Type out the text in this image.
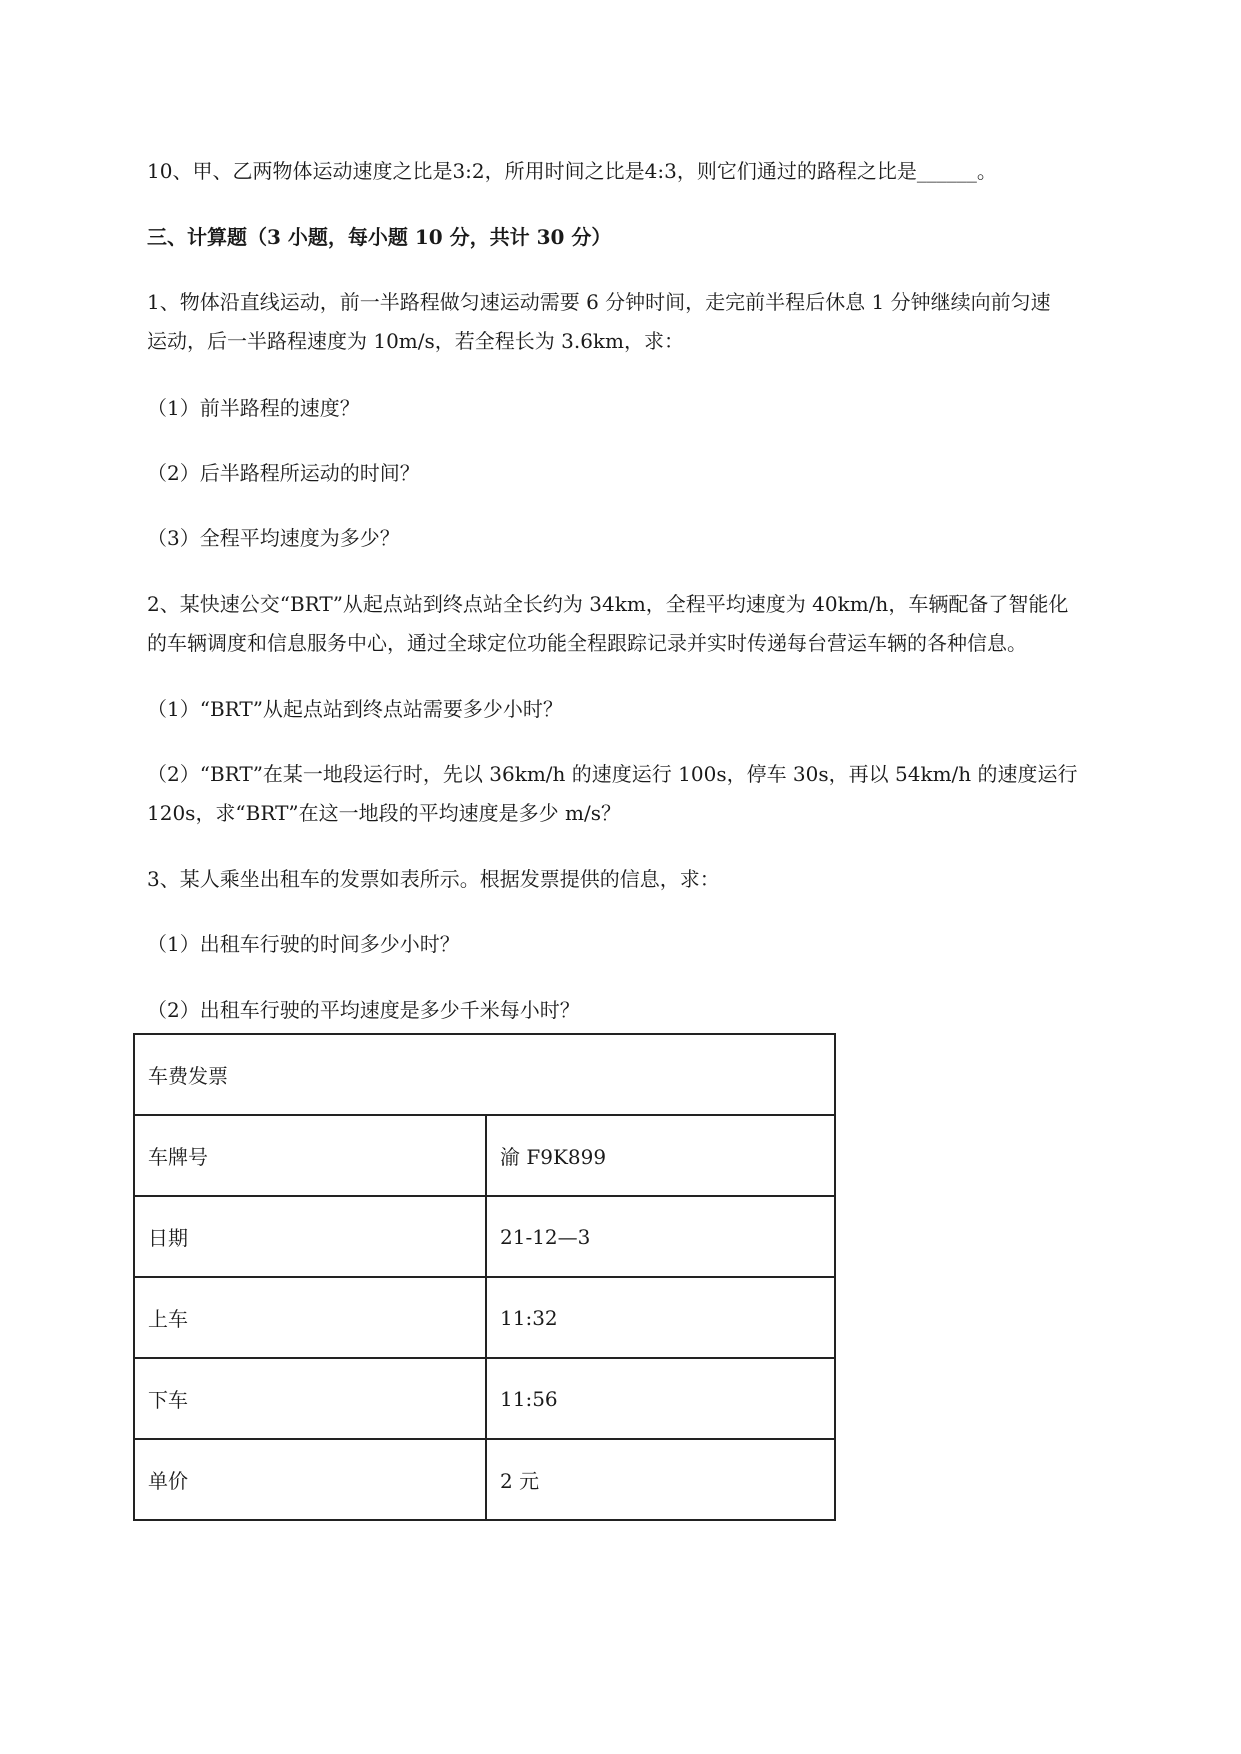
10、甲、乙两物体运动速度之比是3:2，所用时间之比是4:3，则它们通过的路程之比是______。
三、计算题（3 小题，每小题 10 分，共计 30 分）
1、物体沿直线运动，前一半路程做匀速运动需要 6 分钟时间，走完前半程后休息 1 分钟继续向前匀速
运动，后一半路程速度为 10m/s，若全程长为 3.6km，求：
（1）前半路程的速度？
（2）后半路程所运动的时间？
（3）全程平均速度为多少？
2、某快速公交“BRT”从起点站到终点站全长约为 34km，全程平均速度为 40km/h，车辆配备了智能化
的车辆调度和信息服务中心，通过全球定位功能全程跟踪记录并实时传递每台营运车辆的各种信息。
（1）“BRT”从起点站到终点站需要多少小时？
（2）“BRT”在某一地段运行时，先以 36km/h 的速度运行 100s，停车 30s，再以 54km/h 的速度运行
120s，求“BRT”在这一地段的平均速度是多少 m/s？
3、某人乘坐出租车的发票如表所示。根据发票提供的信息，求：
（1）出租车行驶的时间多少小时？
（2）出租车行驶的平均速度是多少千米每小时？
车费发票	
车牌号	渝 F9K899
日期	21-12—3
上车	11:32
下车	11:56
单价	2 元
